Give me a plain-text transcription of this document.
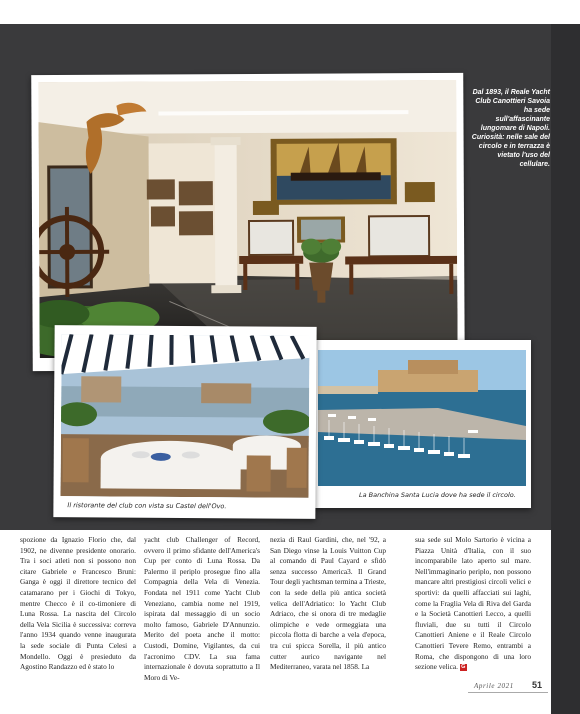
Dal 1893, il Reale Yacht Club Canottieri Savoia ha sede sull'affascinante lungomare di Napoli. Curiosità: nelle sale del circolo e in terrazza è vietato l'uso del cellulare.
La Banchina Santa Lucia dove ha sede il circolo.
Il ristorante del club con vista su Castel dell'Ovo.
spozione da Ignazio Florio che, dal 1902, ne divenne presidente onorario. Tra i soci atleti non si possono non citare Gabriele e Francesco Bruni: Ganga è oggi il direttore tecnico del catamarano per i Giochi di Tokyo, mentre Checco è il co-timoniere di Luna Rossa. La nascita del Circolo della Vela Sicilia è successiva: correva l'anno 1934 quando venne inaugurata la sede sociale di Punta Celesi a Mondello. Oggi è presieduto da Agostino Randazzo ed è stato lo
yacht club Challenger of Record, ovvero il primo sfidante dell'America's Cup per conto di Luna Rossa. Da Palermo il periplo prosegue fino alla Compagnia della Vela di Venezia. Fondata nel 1911 come Yacht Club Veneziano, cambia nome nel 1919, ispirata dal messaggio di un socio molto famoso, Gabriele D'Annunzio. Merito del poeta anche il motto: Custodi, Domine, Vigilantes, da cui l'acronimo CDV. La sua fama internazionale è dovuta soprattutto a Il Moro di Ve-
nezia di Raul Gardini, che, nel '92, a San Diego vinse la Louis Vuitton Cup al comando di Paul Cayard e sfidò senza successo America3. Il Grand Tour degli yachtsman termina a Trieste, con la sede della più antica società velica dell'Adriatico: lo Yacht Club Adriaco, che si onora di tre medaglie olimpiche e vede ormeggiata una piccola flotta di barche a vela d'epoca, tra cui spicca Sorella, il più antico cutter aurico navigante nel Mediterraneo, varata nel 1858. La
sua sede sul Molo Sartorio è vicina a Piazza Unità d'Italia, con il suo incomparabile lato aperto sul mare. Nell'immaginario periplo, non possono mancare altri prestigiosi circoli velici e sportivi: da quelli affacciati sui laghi, come la Fraglia Vela di Riva del Garda e la Società Canottieri Lecco, a quelli fluviali, due su tutti il Circolo Canottieri Aniene e il Reale Circolo Canottieri Tevere Remo, entrambi a Roma, che dispongono di una loro sezione velica. G
Aprile 2021 51
